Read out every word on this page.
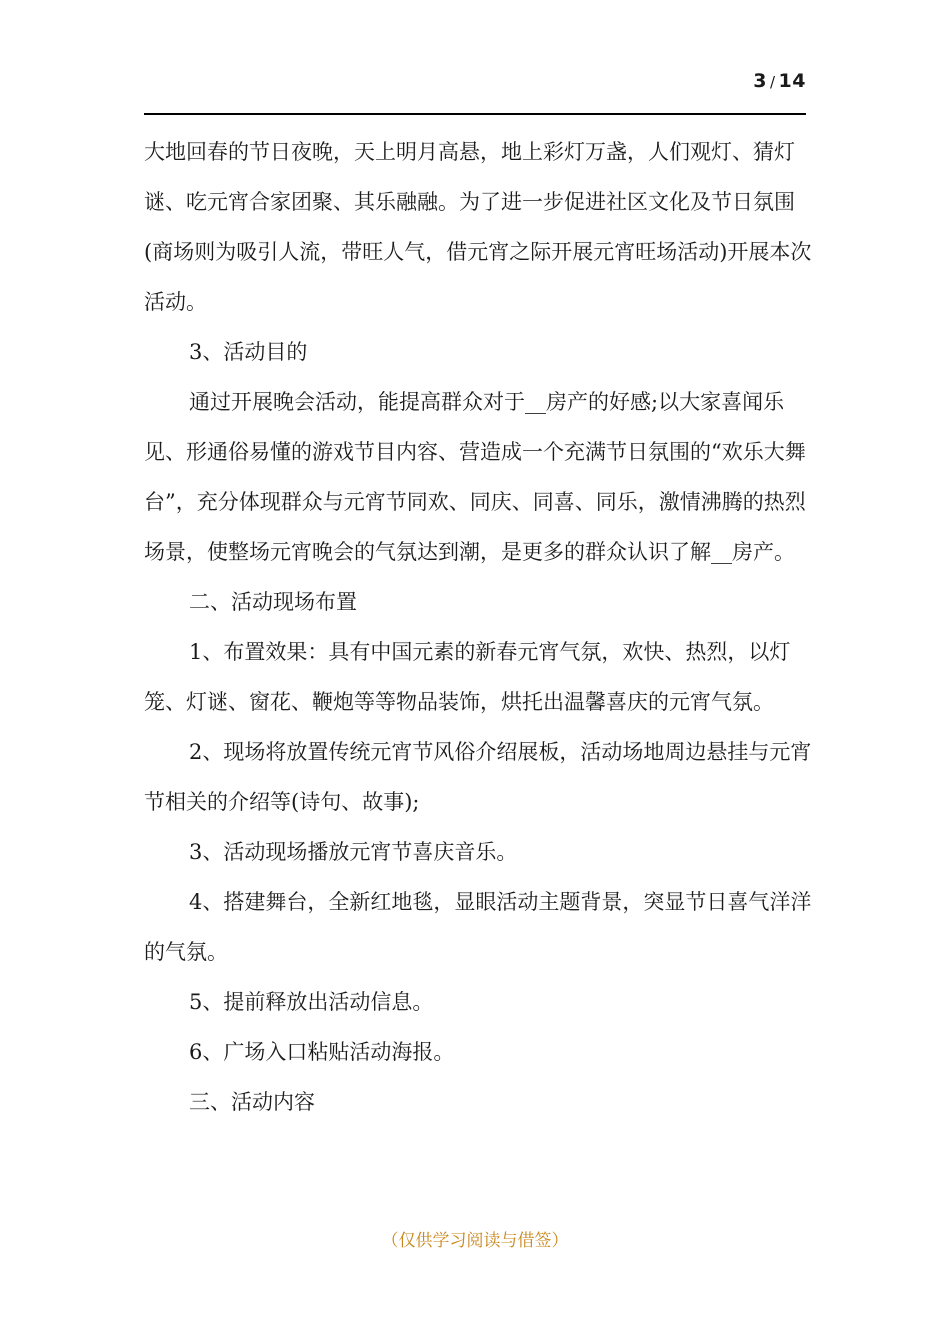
3 / 14

大地回春的节日夜晚，天上明月高悬，地上彩灯万盏，人们观灯、猜灯谜、吃元宵合家团聚、其乐融融。为了进一步促进社区文化及节日氛围(商场则为吸引人流，带旺人气，借元宵之际开展元宵旺场活动)开展本次活动。

3、活动目的

通过开展晚会活动，能提高群众对于__房产的好感;以大家喜闻乐见、形通俗易懂的游戏节目内容、营造成一个充满节日氛围的“欢乐大舞台”，充分体现群众与元宵节同欢、同庆、同喜、同乐，激情沸腾的热烈场景，使整场元宵晚会的气氛达到潮，是更多的群众认识了解__房产。

二、活动现场布置

1、布置效果：具有中国元素的新春元宵气氛，欢快、热烈，以灯笼、灯谜、窗花、鞭炮等等物品装饰，烘托出温馨喜庆的元宵气氛。

2、现场将放置传统元宵节风俗介绍展板，活动场地周边悬挂与元宵节相关的介绍等(诗句、故事);

3、活动现场播放元宵节喜庆音乐。

4、搭建舞台，全新红地毯，显眼活动主题背景，突显节日喜气洋洋的气氛。

5、提前释放出活动信息。

6、广场入口粘贴活动海报。

三、活动内容

（仅供学习阅读与借签）
